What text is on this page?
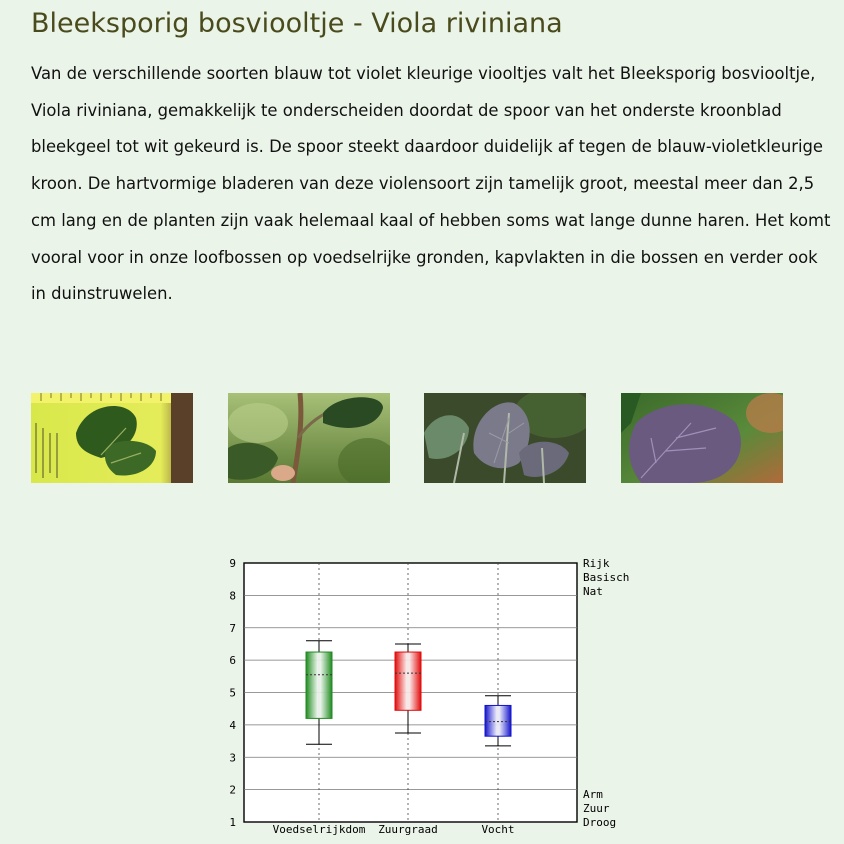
Bleeksporig bosviooltje - Viola riviniana

Van de verschillende soorten blauw tot violet kleurige viooltjes valt het Bleeksporig bosviooltje, Viola riviniana, gemakkelijk te onderscheiden doordat de spoor van het onderste kroonblad bleekgeel tot wit gekeurd is. De spoor steekt daardoor duidelijk af tegen de blauw-violetkleurige kroon. De hartvormige bladeren van deze violensoort zijn tamelijk groot, meestal meer dan 2,5 cm lang en de planten zijn vaak helemaal kaal of hebben soms wat lange dunne haren. Het komt vooral voor in onze loofbossen op voedselrijke gronden, kapvlakten in die bossen en verder ook in duinstruwelen.

1
2
3
4
5
6
7
8
9
Voedselrijkdom Zuurgraad	Vocht
Rijk
Basisch
Nat
Arm
Zuur
Droog
